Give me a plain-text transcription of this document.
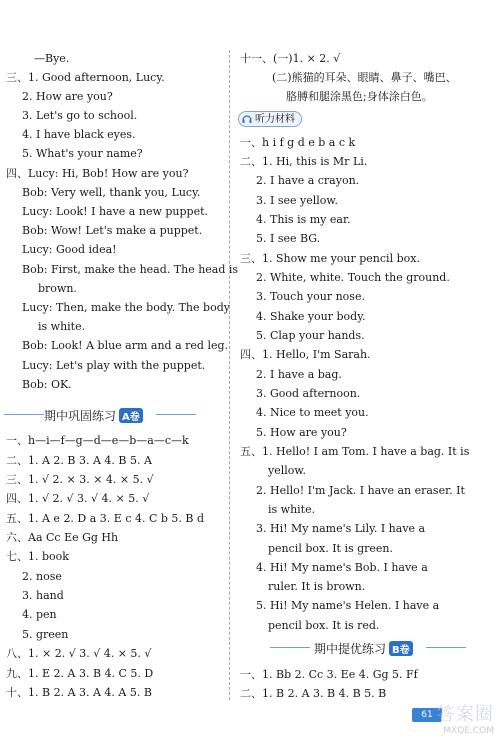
—Bye.
三、1. Good afternoon, Lucy.
2. How are you?
3. Let's go to school.
4. I have black eyes.
5. What's your name?
四、Lucy: Hi, Bob! How are you?
Bob: Very well, thank you, Lucy.
Lucy: Look! I have a new puppet.
Bob: Wow! Let's make a puppet.
Lucy: Good idea!
Bob: First, make the head. The head is
brown.
Lucy: Then, make the body. The body
is white.
Bob: Look! A blue arm and a red leg.
Lucy: Let's play with the puppet.
Bob: OK.
一、h—i—f—g—d—e—b—a—c—k
二、1. A 2. B 3. A 4. B 5. A
三、1. √ 2. × 3. × 4. × 5. √
四、1. √ 2. √ 3. √ 4. × 5. √
五、1. A e 2. D a 3. E c 4. C b 5. B d
六、Aa Cc Ee Gg Hh
七、1. book
2. nose
3. hand
4. pen
5. green
八、1. × 2. √ 3. √ 4. × 5. √
九、1. E 2. A 3. B 4. C 5. D
十、1. B 2. A 3. A 4. A 5. B
十一、(一)1. × 2. √
(二)熊猫的耳朵、眼睛、鼻子、嘴巴、
胳膊和腿涂黑色;身体涂白色。
一、h i f g d e b a c k
二、1. Hi, this is Mr Li.
2. I have a crayon.
3. I see yellow.
4. This is my ear.
5. I see BG.
三、1. Show me your pencil box.
2. White, white. Touch the ground.
3. Touch your nose.
4. Shake your body.
5. Clap your hands.
四、1. Hello, I'm Sarah.
2. I have a bag.
3. Good afternoon.
4. Nice to meet you.
5. How are you?
五、1. Hello! I am Tom. I have a bag. It is
yellow.
2. Hello! I'm Jack. I have an eraser. It
is white.
3. Hi! My name's Lily. I have a
pencil box. It is green.
4. Hi! My name's Bob. I have a
ruler. It is brown.
5. Hi! My name's Helen. I have a
pencil box. It is red.
一、1. Bb 2. Cc 3. Ee 4. Gg 5. Ff
二、1. B 2. A 3. B 4. B 5. B
期中巩固练习 A卷
听力材料
期中提优练习 B卷
61 答案圈
MXQE.COM
